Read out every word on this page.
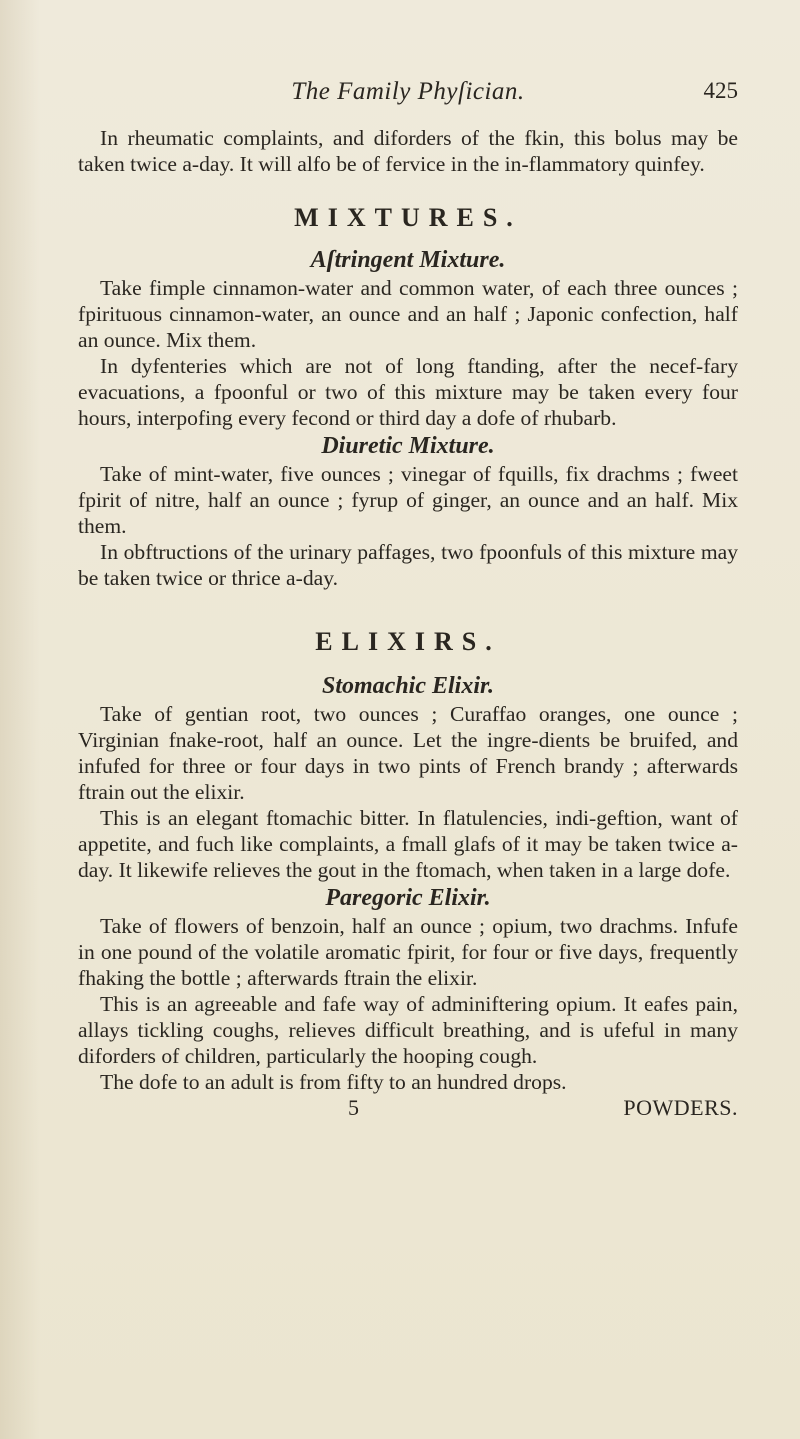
The Family Phyſician.	425

In rheumatic complaints, and diforders of the fkin, this bolus may be taken twice a-day. It will alfo be of fervice in the in-flammatory quinfey.

MIXTURES.
Aſtringent Mixture.

Take fimple cinnamon-water and common water, of each three ounces ; fpirituous cinnamon-water, an ounce and an half ; Japonic confection, half an ounce. Mix them.

In dyfenteries which are not of long ftanding, after the necef-fary evacuations, a fpoonful or two of this mixture may be taken every four hours, interpofing every fecond or third day a dofe of rhubarb.

Diuretic Mixture.

Take of mint-water, five ounces ; vinegar of fquills, fix drachms ; fweet fpirit of nitre, half an ounce ; fyrup of ginger, an ounce and an half. Mix them.

In obftructions of the urinary paffages, two fpoonfuls of this mixture may be taken twice or thrice a-day.

ELIXIRS.
Stomachic Elixir.

Take of gentian root, two ounces ; Curaffao oranges, one ounce ; Virginian fnake-root, half an ounce. Let the ingre-dients be bruifed, and infufed for three or four days in two pints of French brandy ; afterwards ftrain out the elixir.

This is an elegant ftomachic bitter. In flatulencies, indi-geftion, want of appetite, and fuch like complaints, a fmall glafs of it may be taken twice a-day. It likewife relieves the gout in the ftomach, when taken in a large dofe.

Paregoric Elixir.

Take of flowers of benzoin, half an ounce ; opium, two drachms. Infufe in one pound of the volatile aromatic fpirit, for four or five days, frequently fhaking the bottle ; afterwards ftrain the elixir.

This is an agreeable and fafe way of adminiftering opium. It eafes pain, allays tickling coughs, relieves difficult breathing, and is ufeful in many diforders of children, particularly the hooping cough.

The dofe to an adult is from fifty to an hundred drops.

5	POWDERS.
